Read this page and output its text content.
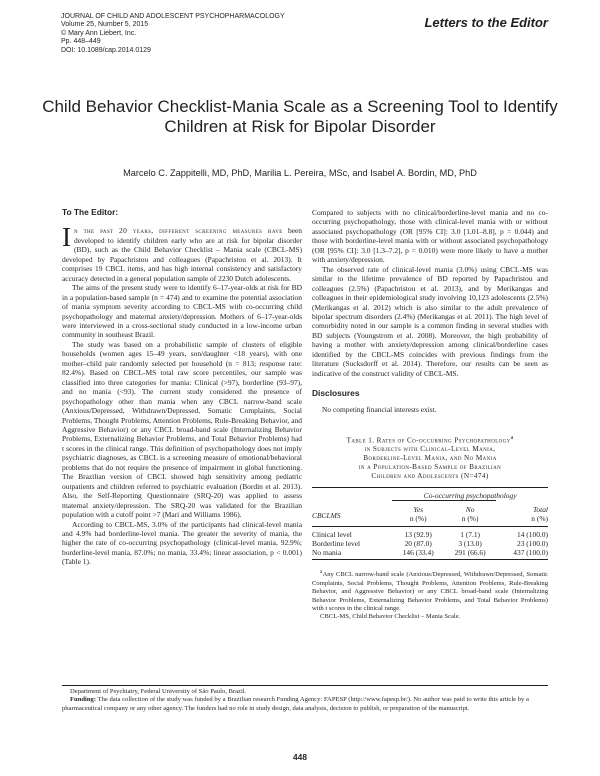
JOURNAL OF CHILD AND ADOLESCENT PSYCHOPHARMACOLOGY
Volume 25, Number 5, 2015
© Mary Ann Liebert, Inc.
Pp. 448–449
DOI: 10.1089/cap.2014.0129
Letters to the Editor
Child Behavior Checklist-Mania Scale as a Screening Tool to Identify Children at Risk for Bipolar Disorder
Marcelo C. Zappitelli, MD, PhD, Marilia L. Pereira, MSc, and Isabel A. Bordin, MD, PhD
To The Editor:

In the past 20 years, different screening measures have been developed to identify children early who are at risk for bipolar disorder (BD), such as the Child Behavior Checklist – Mania scale (CBCL-MS) developed by Papachristou and colleagues (Papachristou et al. 2013). It comprises 19 CBCL items, and has high internal consistency and satisfactory accuracy detected in a general population sample of 2230 Dutch adolescents.

The aims of the present study were to identify 6–17-year-olds at risk for BD in a population-based sample (n = 474) and to examine the potential association of mania symptom severity according to CBCL-MS with co-occurring child psychopathology and maternal anxiety/depression. Mothers of 6–17-year-olds were interviewed in a cross-sectional study conducted in a low-income urban community in southeast Brazil.

The study was based on a probabilistic sample of clusters of eligible households (women ages 15–49 years, son/daughter <18 years), with one mother–child pair randomly selected per household (n = 813; response rate: 82.4%). Based on CBCL-MS total raw score percentiles, our sample was classified into three categories for mania: Clinical (>97), borderline (93–97), and no mania (<93). The current study considered the presence of psychopathology other than mania when any CBCL narrow-band scale (Anxious/Depressed, Withdrawn/Depressed, Somatic Complaints, Social Problems, Thought Problems, Attention Problems, Rule-Breaking Behavior, and Aggressive Behavior) or any CBCL broad-band scale (Internalizing Behavior Problems, Externalizing Behavior Problems, and Total Behavior Problems) had t scores in the clinical range. This definition of psychopathology does not imply psychiatric diagnoses, as CBCL is a screening measure of emotional/behavioral problems that do not require the presence of impairment in global functioning. The Brazilian version of CBCL showed high sensitivity among pediatric outpatients and children referred to psychiatric evaluation (Bordin et al. 2013). Also, the Self-Reporting Questionnaire (SRQ-20) was applied to assess maternal anxiety/depression. The SRQ-20 was validated for the Brazilian population with a cutoff point >7 (Mari and Williams 1986).

According to CBCL-MS, 3.0% of the participants had clinical-level mania and 4.9% had borderline-level mania. The greater the severity of mania, the higher the rate of co-occurring psychopathology (clinical-level mania, 92.9%; borderline-level mania, 87.0%; no mania, 33.4%; linear association, p < 0.001) (Table 1).

Compared to subjects with no clinical/borderline-level mania and no co-occurring psychopathology, those with clinical-level mania with or without associated psychopathology (OR [95% CI]: 3.0 [1.01–8.8], p = 0.044) and those with borderline-level mania with or without associated psychopathology (OR [95% CI]: 3.0 [1.3–7.2], p = 0.010) were more likely to have a mother with anxiety/depression.

The observed rate of clinical-level mania (3.0%) using CBCL-MS was similar to the lifetime prevalence of BD reported by Papachristou and colleagues (2.5%) (Papachristou et al. 2013), and by Merikangas and colleagues in their epidemiological study involving 10,123 adolescents (2.5%) (Merikangas et al. 2012) which is also similar to the adult prevalence of bipolar spectrum disorders (2.4%) (Merikangas et al. 2011). The high level of comorbidity noted in our sample is a common finding in several studies with BD subjects (Youngstrom et al. 2008). Moreover, the high probability of having a mother with anxiety/depression among clinical/borderline cases identified by the CBCL-MS coincides with previous findings from the literature (Sucksdorff et al. 2014). Therefore, our results can be seen as indicative of the construct validity of CBCL-MS.

Disclosures

No competing financial interests exist.

Table 1. Rates of Co-occurring Psychopathology$^a$
in Subjects with Clinical-Level Mania,
Borderline-Level Mania, and No Mania
in a Population-Based Sample of Brazilian
Children and Adolescents (N=474)
	Co-occurring psychopathology		

CBCLMS	Yes	No	Total
	n (%)	n (%)	n (%)
Clinical level	13 (92.9)	1 (7.1)	14 (100.0)
Borderline level	20 (87.0)	3 (13.0)	23 (100.0)
No mania	146 (33.4)	291 (66.6)	437 (100.0)

$^a$Any CBCL narrow-band scale (Anxious/Depressed, Withdrawn/Depressed, Somatic Complaints, Social Problems, Thought Problems, Attention Problems, Rule-Breaking Behavior, and Aggressive Behavior) or any CBCL broad-band scale (Internalizing Behavior Problems, Externalizing Behavior Problems, and Total Behavior Problems) with t scores in the clinical range.

CBCL-MS, Child Behavior Checklist – Mania Scale.

Department of Psychiatry, Federal University of São Paulo, Brazil.

Funding: The data collection of the study was funded by a Brazilian research Funding Agency: FAPESP (http://www.fapesp.br/). No author was paid to write this article by a pharmaceutical company or any other agency. The funders had no role in study design, data analysis, decision to publish, or preparation of the manuscript.

448
